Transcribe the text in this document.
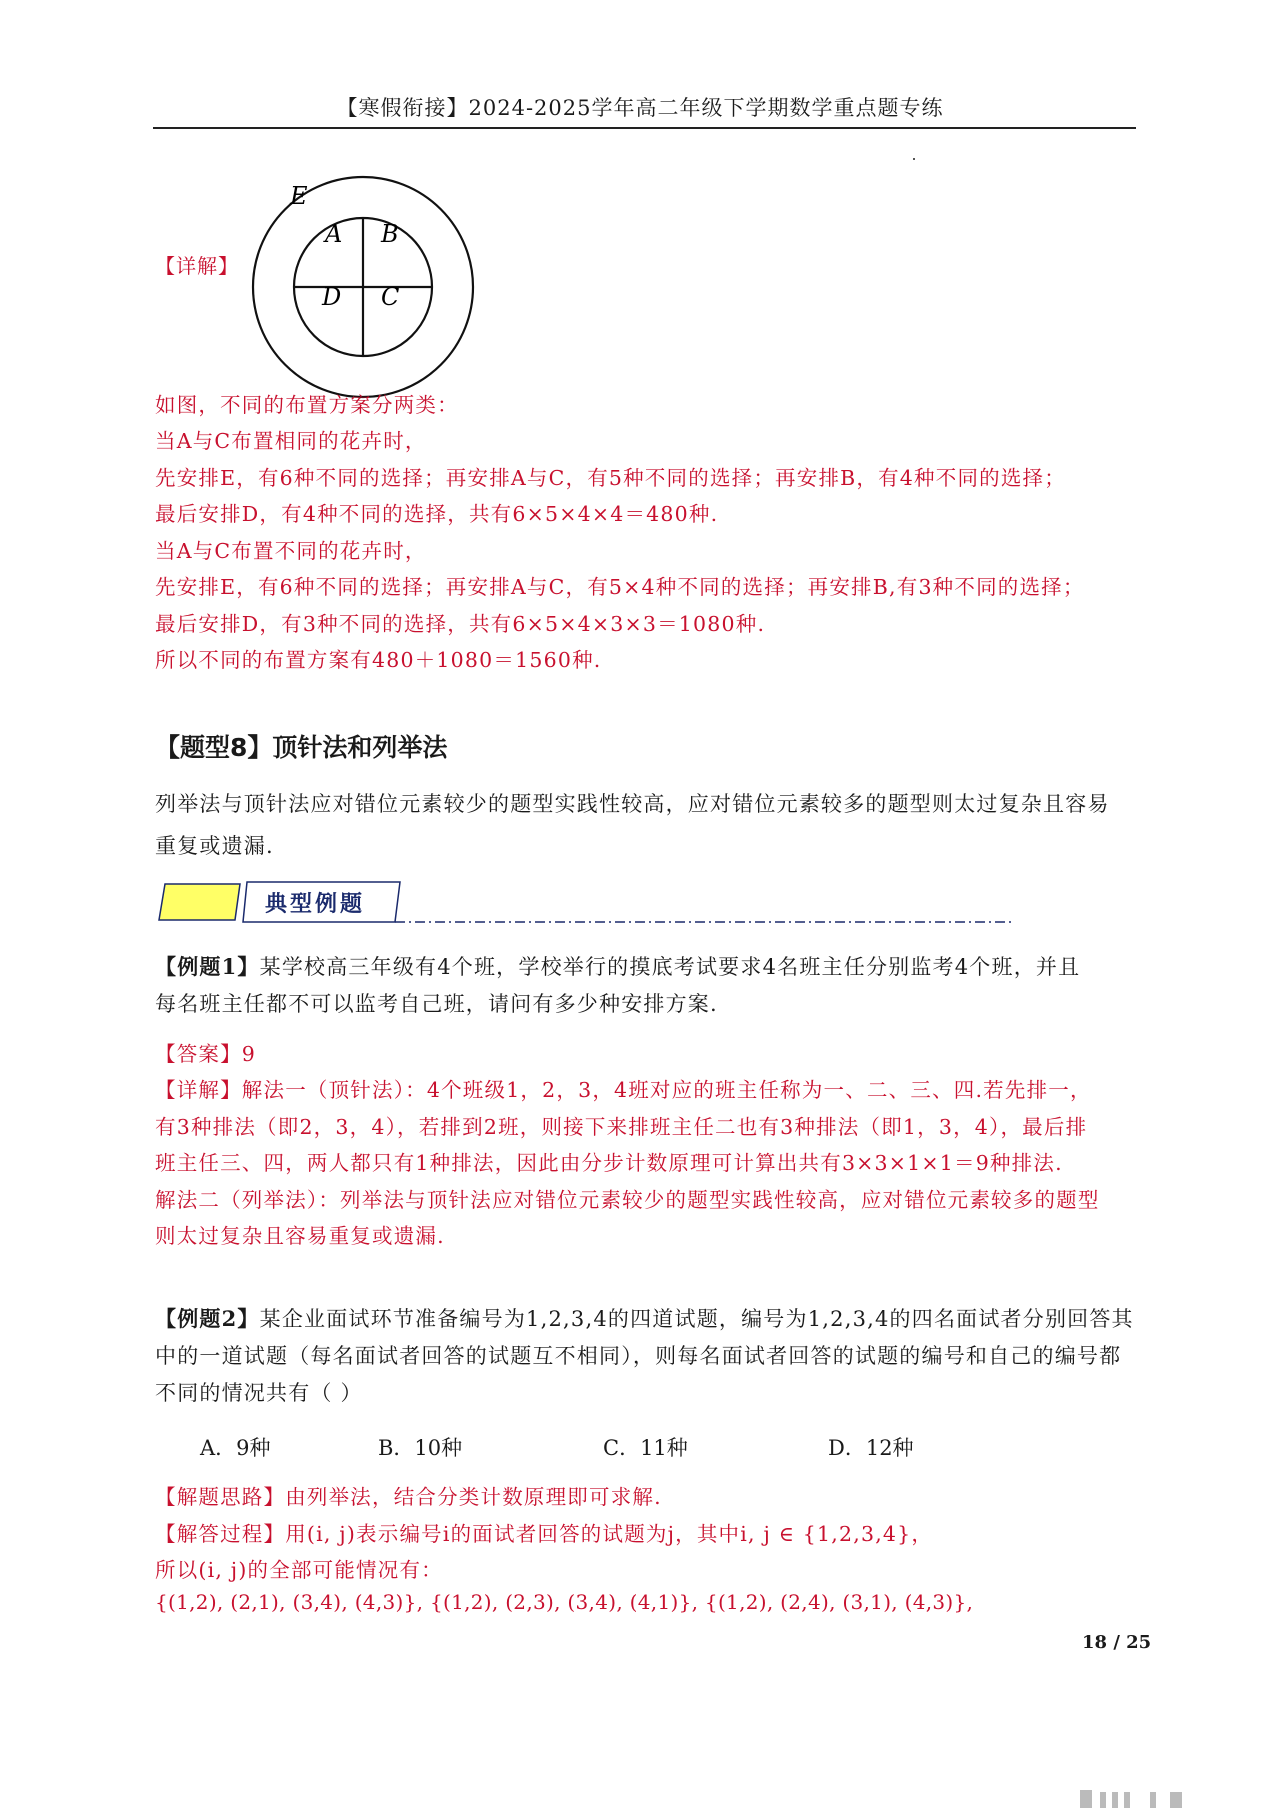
【寒假衔接】2024-2025学年高二年级下学期数学重点题专练
【详解】
E
A B
D C
如图，不同的布置方案分两类：
当A与C布置相同的花卉时，
先安排E，有6种不同的选择；再安排A与C，有5种不同的选择；再安排B，有4种不同的选择；
最后安排D，有4种不同的选择，共有6×5×4×4＝480种.
当A与C布置不同的花卉时，
先安排E，有6种不同的选择；再安排A与C，有5×4种不同的选择；再安排B,有3种不同的选择；
最后安排D，有3种不同的选择，共有6×5×4×3×3＝1080种.
所以不同的布置方案有480＋1080＝1560种.
【题型8】顶针法和列举法
列举法与顶针法应对错位元素较少的题型实践性较高，应对错位元素较多的题型则太过复杂且容易
重复或遗漏.
典型例题
【例题1】某学校高三年级有4个班，学校举行的摸底考试要求4名班主任分别监考4个班，并且
每名班主任都不可以监考自己班，请问有多少种安排方案.
【答案】9
【详解】解法一（顶针法）：4个班级1，2，3，4班对应的班主任称为一、二、三、四.若先排一，
有3种排法（即2，3，4），若排到2班，则接下来排班主任二也有3种排法（即1，3，4），最后排
班主任三、四，两人都只有1种排法，因此由分步计数原理可计算出共有3×3×1×1＝9种排法.
解法二（列举法）：列举法与顶针法应对错位元素较少的题型实践性较高，应对错位元素较多的题型
则太过复杂且容易重复或遗漏.
【例题2】某企业面试环节准备编号为1,2,3,4的四道试题，编号为1,2,3,4的四名面试者分别回答其
中的一道试题（每名面试者回答的试题互不相同），则每名面试者回答的试题的编号和自己的编号都
不同的情况共有（ ）
A．9种	B．10种	C．11种	D．12种
【解题思路】由列举法，结合分类计数原理即可求解.
【解答过程】用(i, j)表示编号i的面试者回答的试题为j，其中i, j ∈ {1,2,3,4}，
所以(i, j)的全部可能情况有：
{(1,2), (2,1), (3,4), (4,3)}, {(1,2), (2,3), (3,4), (4,1)}, {(1,2), (2,4), (3,1), (4,3)},
18 / 25
